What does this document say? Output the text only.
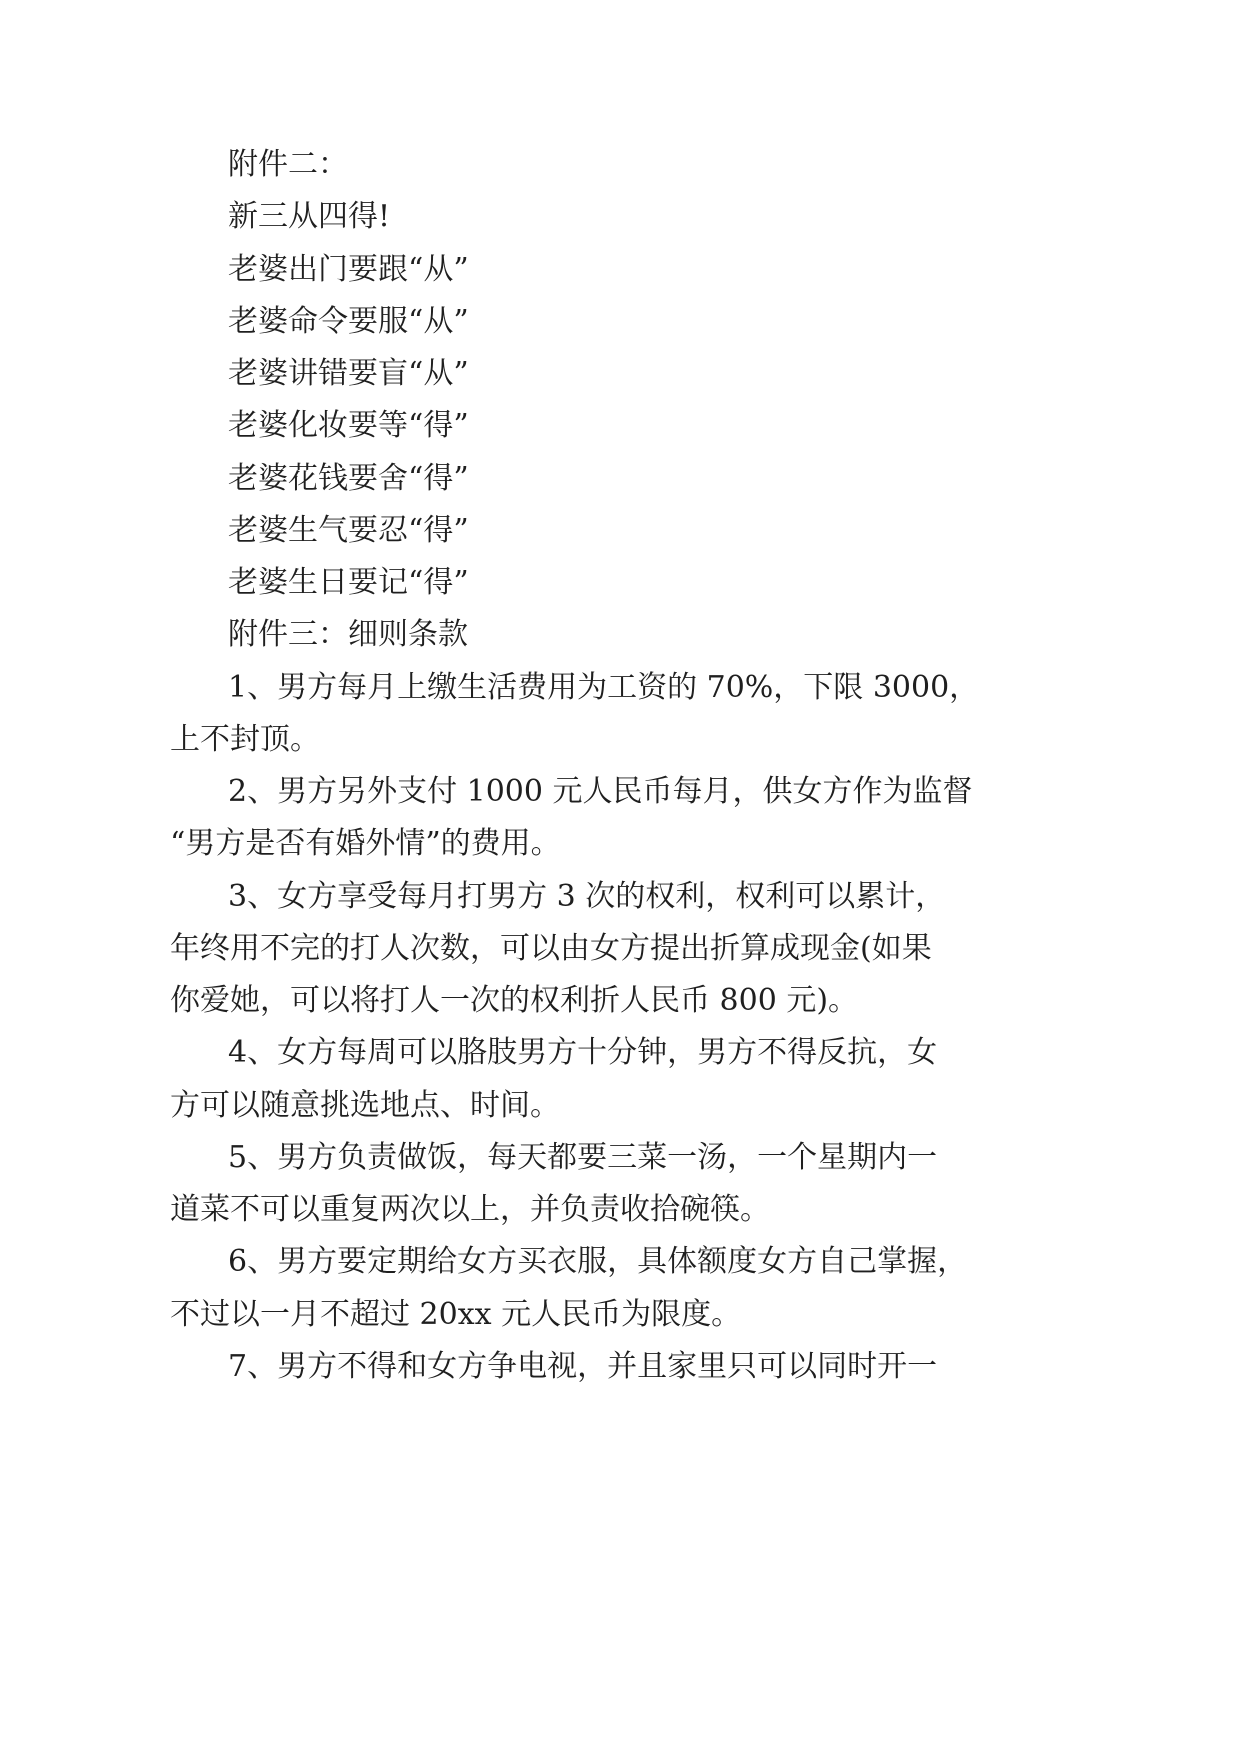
附件二：
新三从四得!
老婆出门要跟“从”
老婆命令要服“从”
老婆讲错要盲“从”
老婆化妆要等“得”
老婆花钱要舍“得”
老婆生气要忍“得”
老婆生日要记“得”
附件三：细则条款
1、男方每月上缴生活费用为工资的 70%，下限 3000，
上不封顶。
2、男方另外支付 1000 元人民币每月，供女方作为监督
“男方是否有婚外情”的费用。
3、女方享受每月打男方 3 次的权利，权利可以累计，
年终用不完的打人次数，可以由女方提出折算成现金(如果
你爱她，可以将打人一次的权利折人民币 800 元)。
4、女方每周可以胳肢男方十分钟，男方不得反抗，女
方可以随意挑选地点、时间。
5、男方负责做饭，每天都要三菜一汤，一个星期内一
道菜不可以重复两次以上，并负责收拾碗筷。
6、男方要定期给女方买衣服，具体额度女方自己掌握，
不过以一月不超过 20xx 元人民币为限度。
7、男方不得和女方争电视，并且家里只可以同时开一
